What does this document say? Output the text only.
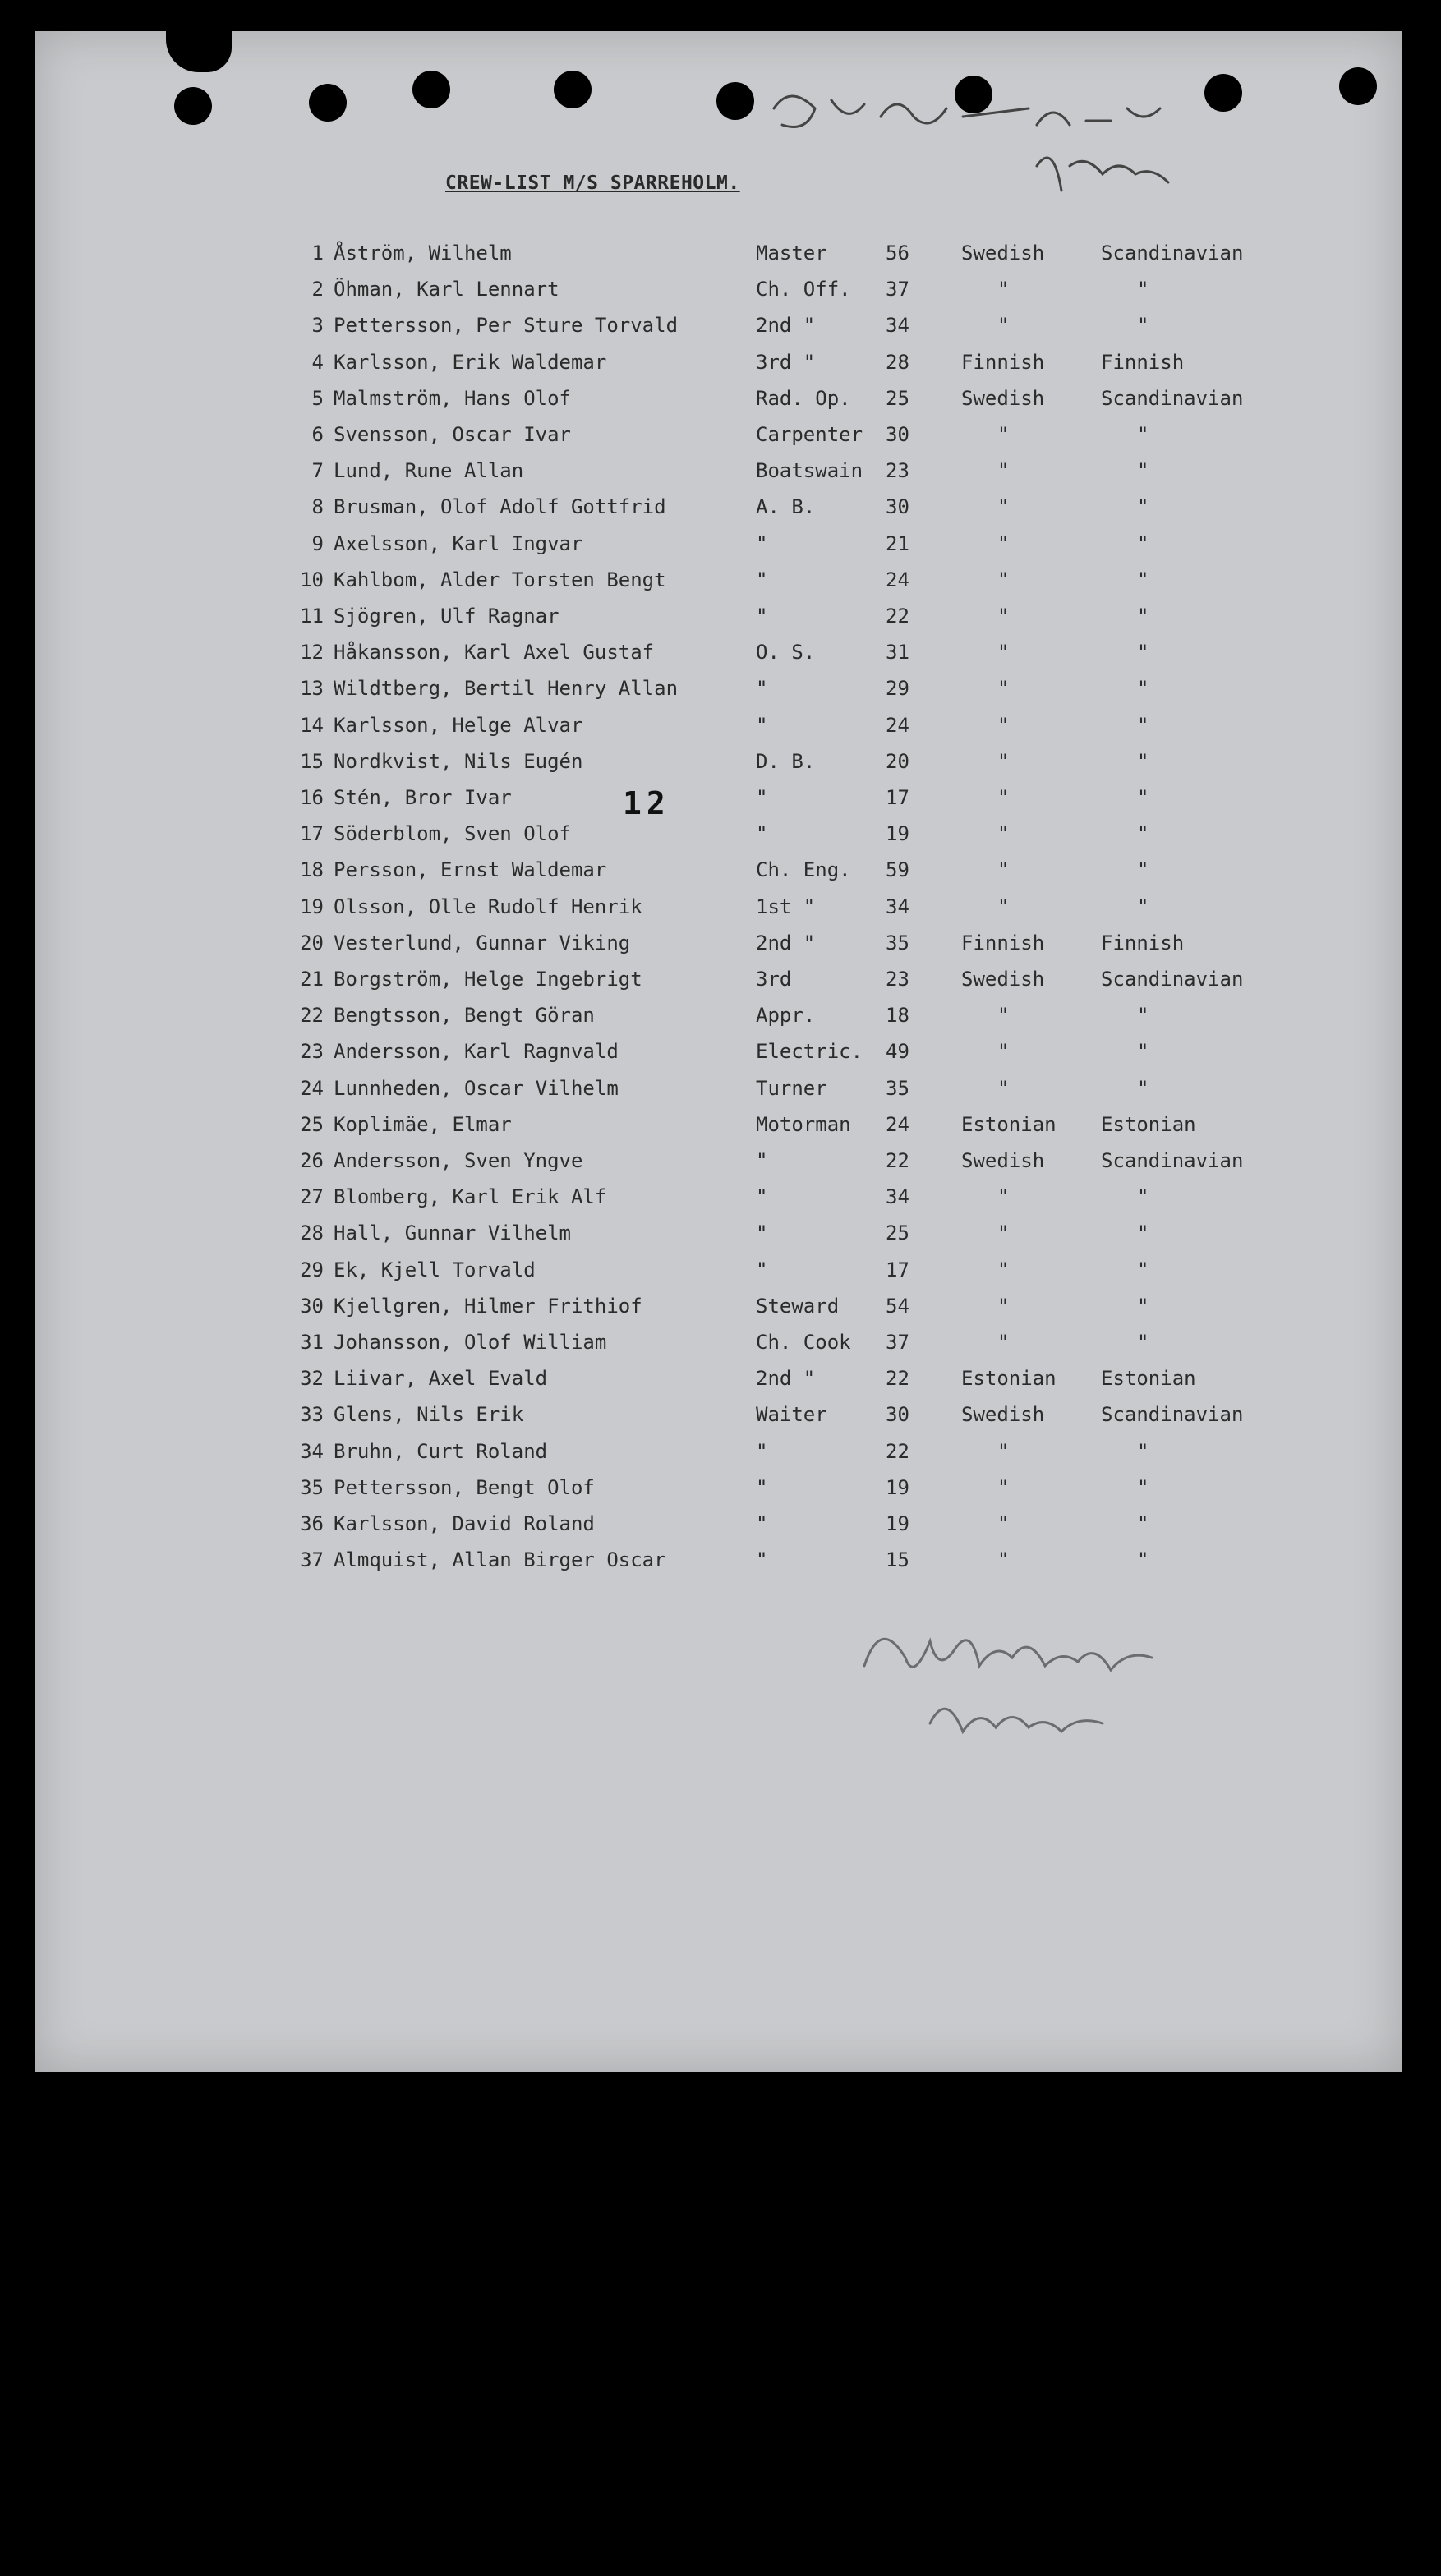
Departed 1-20-5
CREW-LIST M/S SPARREHOLM.
12
1 Åström, Wilhelm	Master	56	Swedish	Scandinavian
2 Öhman, Karl Lennart	Ch. Off. 37	"	"
3 Pettersson, Per Sture Torvald	2nd "	34	"	"
4 Karlsson, Erik Waldemar	3rd "	28	Finnish	Finnish
5 Malmström, Hans Olof	Rad. Op. 25	Swedish	Scandinavian
6 Svensson, Oscar Ivar	Carpenter 30	"	"
7 Lund, Rune Allan	Boatswain 23	"	"
8 Brusman, Olof Adolf Gottfrid	A. B.	30	"	"
9 Axelsson, Karl Ingvar	"	21	"	"
10 Kahlbom, Alder Torsten Bengt	"	24	"	"
11 Sjögren, Ulf Ragnar	"	22	"	"
12 Håkansson, Karl Axel Gustaf	O. S.	31	"	"
13 Wildtberg, Bertil Henry Allan	"	29	"	"
14 Karlsson, Helge Alvar	"	24	"	"
15 Nordkvist, Nils Eugén	D. B.	20	"	"
16 Stén, Bror Ivar	"	17	"	"
17 Söderblom, Sven Olof	"	19	"	"
18 Persson, Ernst Waldemar	Ch. Eng. 59	"	"
19 Olsson, Olle Rudolf Henrik	1st "	34	"	"
20 Vesterlund, Gunnar Viking	2nd "	35	Finnish	Finnish
21 Borgström, Helge Ingebrigt	3rd	23	Swedish	Scandinavian
22 Bengtsson, Bengt Göran	Appr.	18	"	"
23 Andersson, Karl Ragnvald	Electric. 49	"	"
24 Lunnheden, Oscar Vilhelm	Turner	35	"	"
25 Koplimäe, Elmar	Motorman 24	Estonian Estonian
26 Andersson, Sven Yngve	"	22	Swedish	Scandinavian
27 Blomberg, Karl Erik Alf	"	34	"	"
28 Hall, Gunnar Vilhelm	"	25	"	"
29 Ek, Kjell Torvald	"	17	"	"
30 Kjellgren, Hilmer Frithiof	Steward 54	"	"
31 Johansson, Olof William	Ch. Cook 37	"	"
32 Liivar, Axel Evald	2nd "	22	Estonian Estonian
33 Glens, Nils Erik	Waiter	30	Swedish	Scandinavian
34 Bruhn, Curt Roland	"	22	"	"
35 Pettersson, Bengt Olof	"	19	"	"
36 Karlsson, David Roland	"	19	"	"
37 Almquist, Allan Birger Oscar	"	15	"	"
